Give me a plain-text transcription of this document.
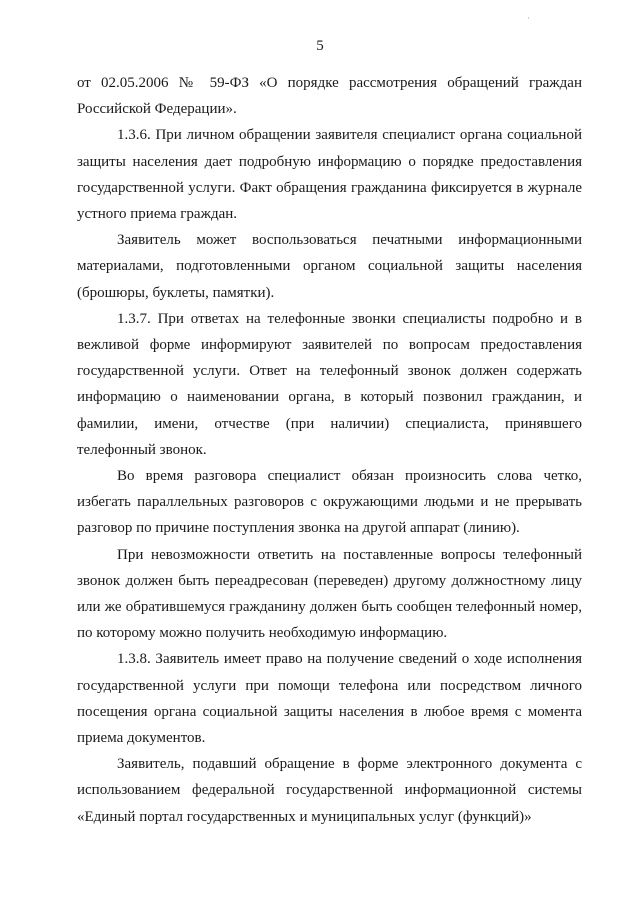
·
5

от 02.05.2006 № 59-ФЗ «О порядке рассмотрения обращений граждан Российской Федерации».

1.3.6. При личном обращении заявителя специалист органа социальной защиты населения дает подробную информацию о порядке предоставления государственной услуги. Факт обращения гражданина фиксируется в журнале устного приема граждан.

Заявитель может воспользоваться печатными информационными материалами, подготовленными органом социальной защиты населения (брошюры, буклеты, памятки).

1.3.7. При ответах на телефонные звонки специалисты подробно и в вежливой форме информируют заявителей по вопросам предоставления государственной услуги. Ответ на телефонный звонок должен содержать информацию о наименовании органа, в который позвонил гражданин, и фамилии, имени, отчестве (при наличии) специалиста, принявшего телефонный звонок.

Во время разговора специалист обязан произносить слова четко, избегать параллельных разговоров с окружающими людьми и не прерывать разговор по причине поступления звонка на другой аппарат (линию).

При невозможности ответить на поставленные вопросы телефонный звонок должен быть переадресован (переведен) другому должностному лицу или же обратившемуся гражданину должен быть сообщен телефонный номер, по которому можно получить необходимую информацию.

1.3.8. Заявитель имеет право на получение сведений о ходе исполнения государственной услуги при помощи телефона или посредством личного посещения органа социальной защиты населения в любое время с момента приема документов.

Заявитель, подавший обращение в форме электронного документа с использованием федеральной государственной информационной системы «Единый портал государственных и муниципальных услуг (функций)»
